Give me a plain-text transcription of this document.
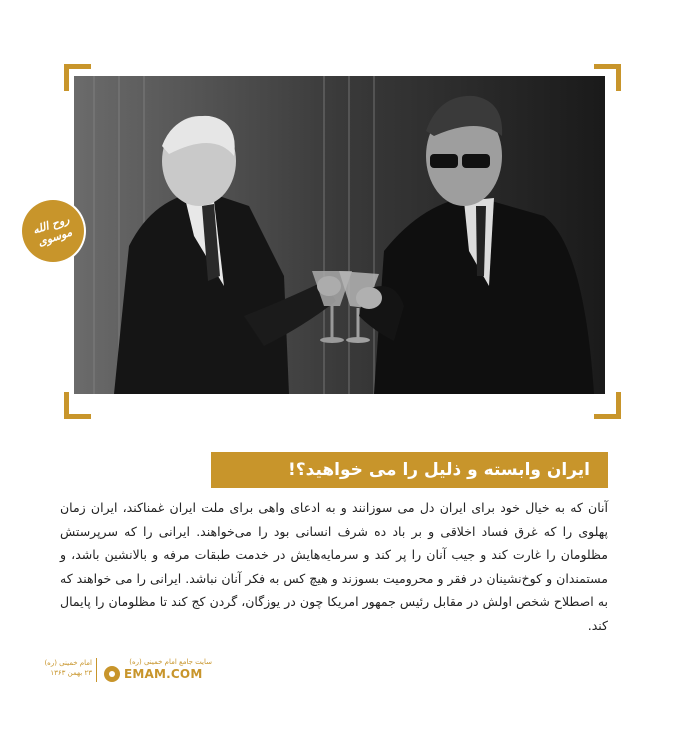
روح الله موسوی
ایران وابسته و ذلیل را می خواهید؟!
آنان که به خیال خود برای ایران دل می سوزانند و به ادعای واهی برای ملت ایران غمناکند، ایران زمان پهلوی را که غرق فساد اخلاقی و بر باد ده شرف انسانی بود را می‌خواهند. ایرانی را که سرپرستش مظلومان را غارت کند و جیب آنان را پر کند و سرمایه‌هایش در خدمت طبقات مرفه و بالانشین باشد، و مستمندان و کوخ‌نشینان در فقر و محرومیت بسوزند و هیچ کس به فکر آنان نباشد. ایرانی را می خواهند که به اصطلاح شخص اولش در مقابل رئیس جمهور امریکا چون در یوزگان، گردن کج کند تا مظلومان را پایمال کند.
امام خمینی (ره)
۲۳ بهمن ۱۳۶۳
سایت جامع امام خمینی (ره)
EMAM.COM
